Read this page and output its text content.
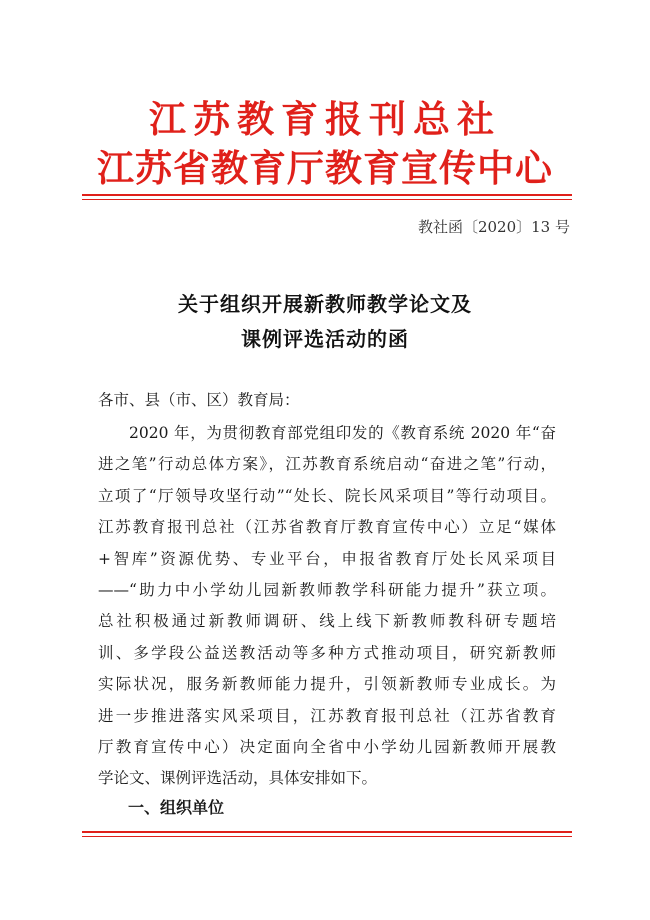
江苏教育报刊总社
江苏省教育厅教育宣传中心
教社函〔2020〕13 号
关于组织开展新教师教学论文及
课例评选活动的函
各市、县（市、区）教育局：
2020 年，为贯彻教育部党组印发的《教育系统 2020 年“奋
进之笔”行动总体方案》，江苏教育系统启动“奋进之笔”行动，
立项了“厅领导攻坚行动”“处长、院长风采项目”等行动项目。
江苏教育报刊总社（江苏省教育厅教育宣传中心）立足“媒体
+智库”资源优势、专业平台，申报省教育厅处长风采项目
——“助力中小学幼儿园新教师教学科研能力提升”获立项。
总社积极通过新教师调研、线上线下新教师教科研专题培
训、多学段公益送教活动等多种方式推动项目，研究新教师
实际状况，服务新教师能力提升，引领新教师专业成长。为
进一步推进落实风采项目，江苏教育报刊总社（江苏省教育
厅教育宣传中心）决定面向全省中小学幼儿园新教师开展教
学论文、课例评选活动，具体安排如下。
一、组织单位
